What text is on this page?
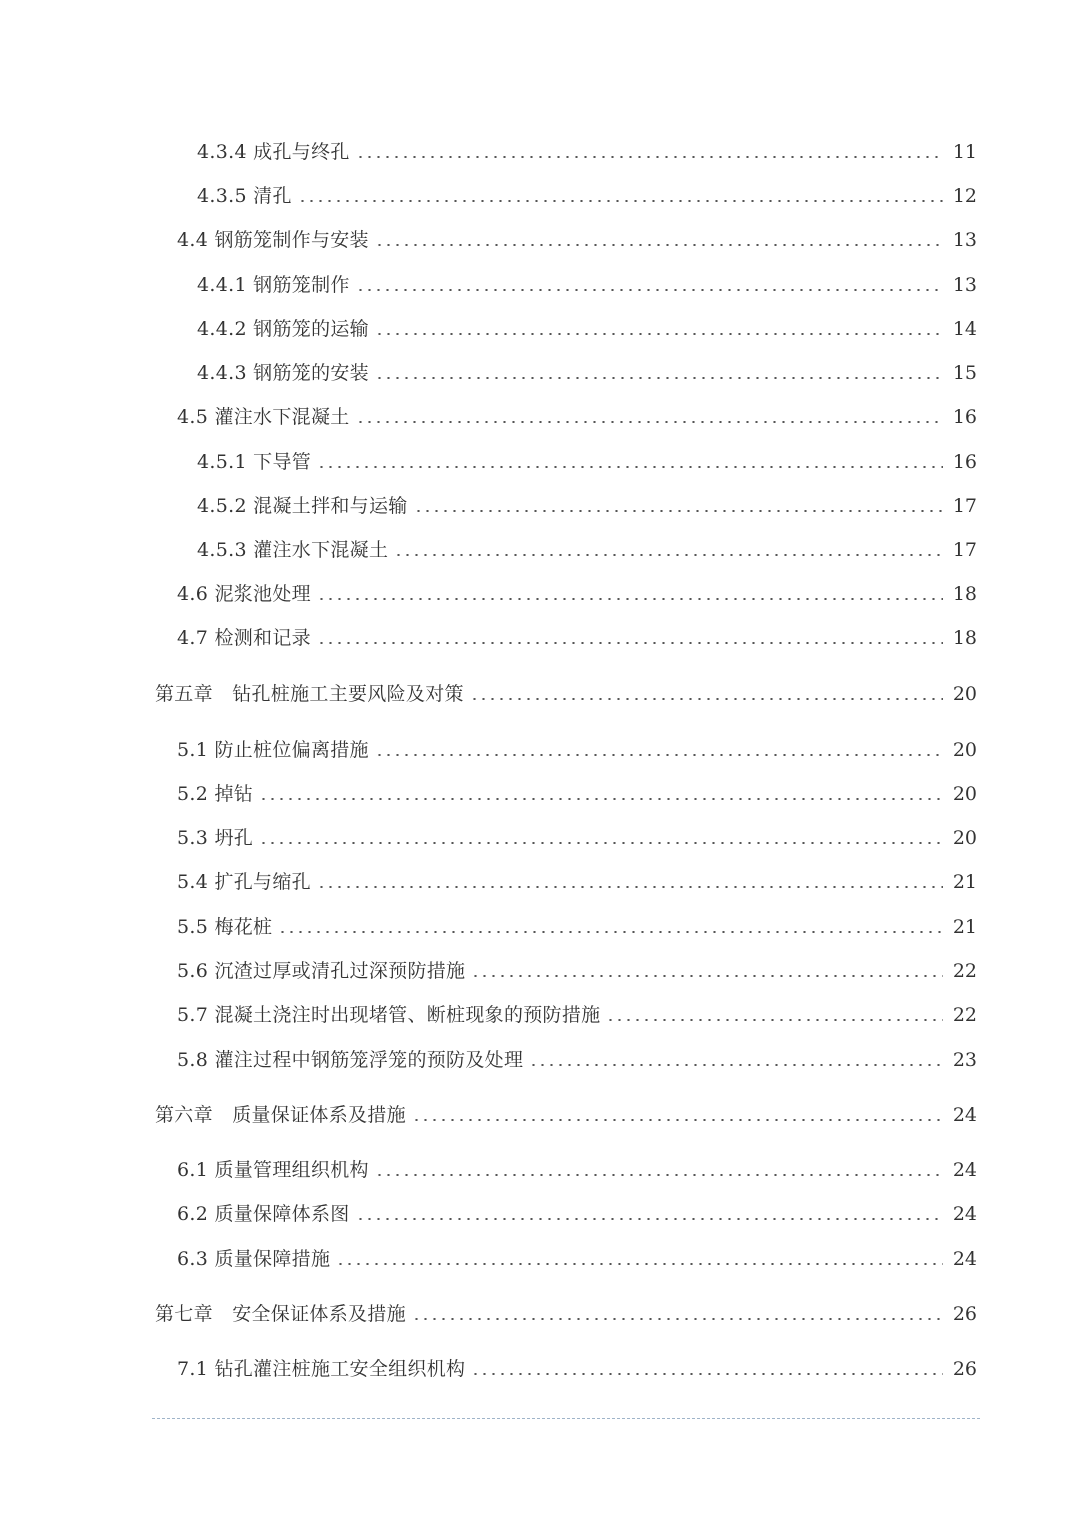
4.3.4 成孔与终孔	11
4.3.5 清孔	12
4.4 钢筋笼制作与安装	13
4.4.1 钢筋笼制作	13
4.4.2 钢筋笼的运输	14
4.4.3 钢筋笼的安装	15
4.5 灌注水下混凝土	16
4.5.1 下导管	16
4.5.2 混凝土拌和与运输	17
4.5.3 灌注水下混凝土	17
4.6 泥浆池处理	18
4.7 检测和记录	18
第五章　钻孔桩施工主要风险及对策	20
5.1 防止桩位偏离措施	20
5.2 掉钻	20
5.3 坍孔	20
5.4 扩孔与缩孔	21
5.5 梅花桩	21
5.6 沉渣过厚或清孔过深预防措施	22
5.7 混凝土浇注时出现堵管、断桩现象的预防措施	22
5.8 灌注过程中钢筋笼浮笼的预防及处理	23
第六章　质量保证体系及措施	24
6.1 质量管理组织机构	24
6.2 质量保障体系图	24
6.3 质量保障措施	24
第七章　安全保证体系及措施	26
7.1 钻孔灌注桩施工安全组织机构	26
